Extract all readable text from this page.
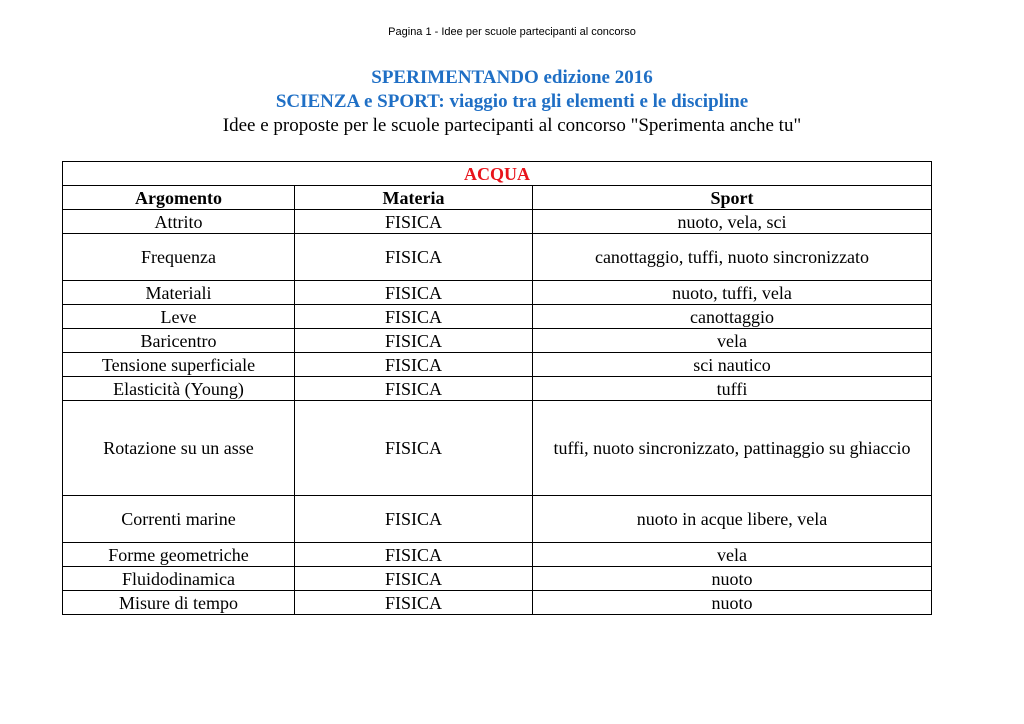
Pagina 1 - Idee per scuole partecipanti al concorso
SPERIMENTANDO edizione 2016
SCIENZA e SPORT: viaggio tra gli elementi e le discipline
Idee e proposte per le scuole partecipanti al concorso "Sperimenta anche tu"
ACQUA		
Argomento	Materia	Sport
Attrito	FISICA	nuoto, vela, sci
Frequenza	FISICA	canottaggio, tuffi, nuoto sincronizzato
Materiali	FISICA	nuoto, tuffi, vela
Leve	FISICA	canottaggio
Baricentro	FISICA	vela
Tensione superficiale	FISICA	sci nautico
Elasticità (Young)	FISICA	tuffi
Rotazione su un asse	FISICA	tuffi, nuoto sincronizzato, pattinaggio su ghiaccio
Correnti marine	FISICA	nuoto in acque libere, vela
Forme geometriche	FISICA	vela
Fluidodinamica	FISICA	nuoto
Misure di tempo	FISICA	nuoto
